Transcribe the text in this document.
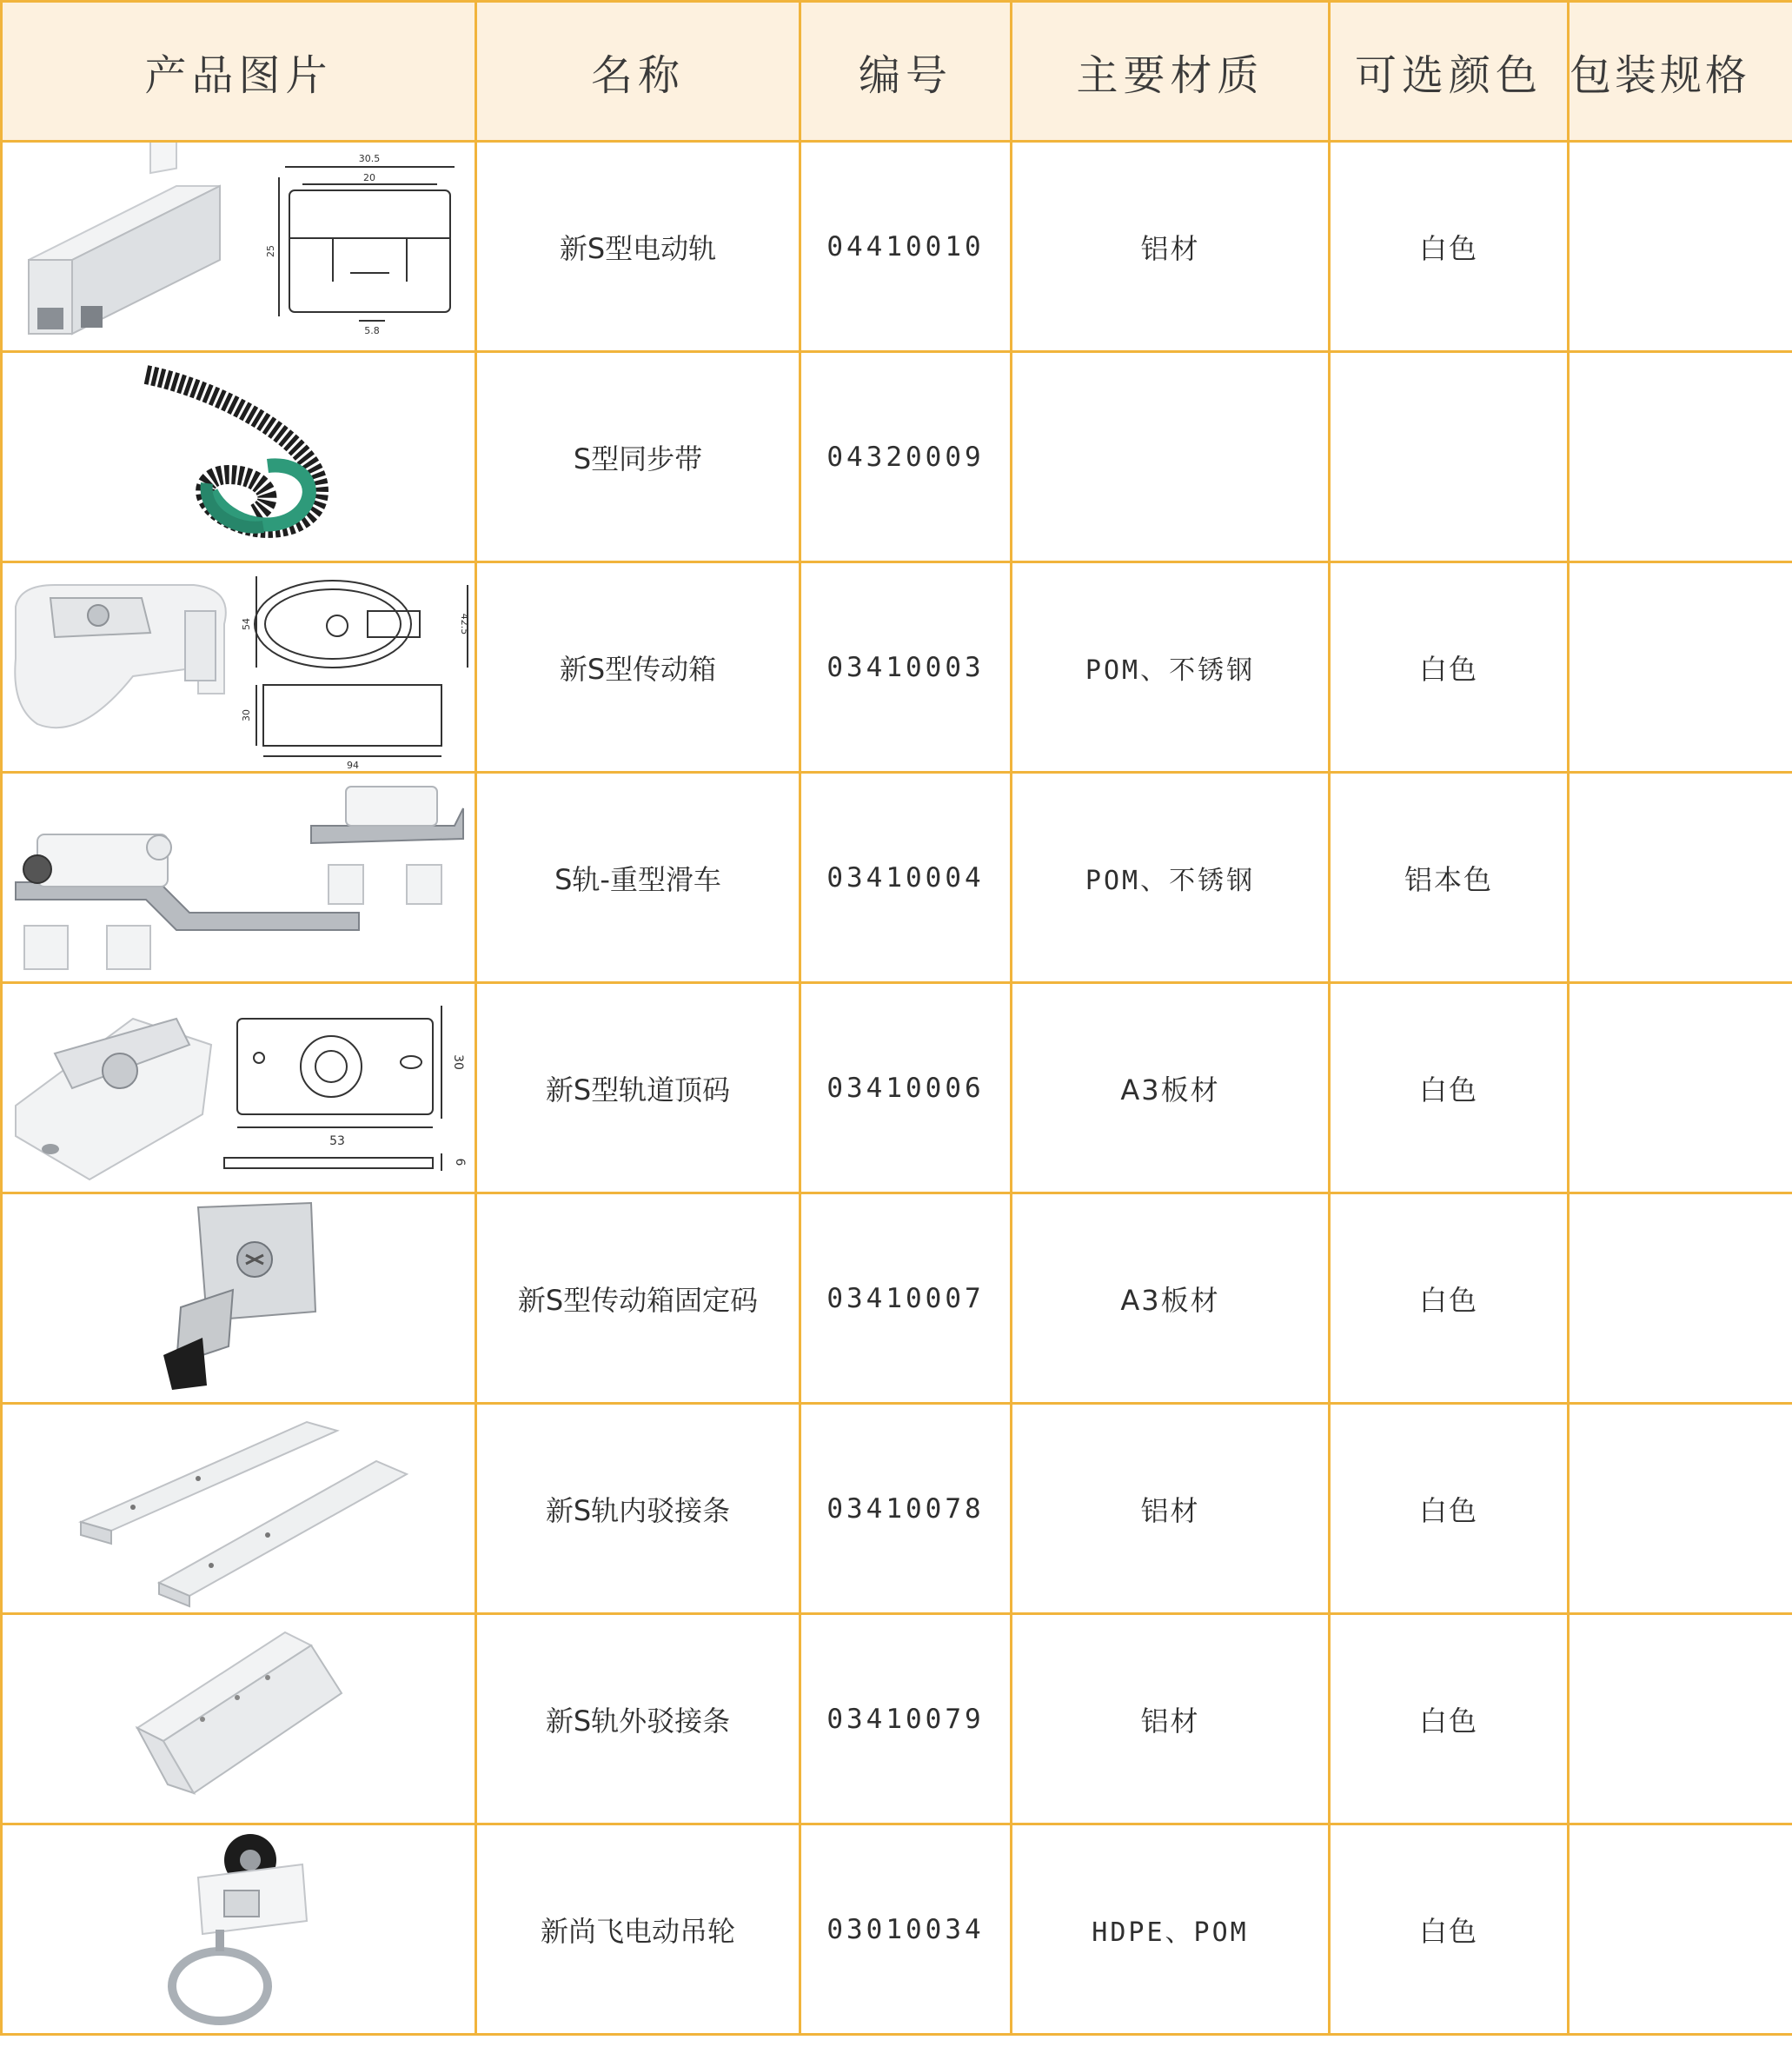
产品图片	名称	编号	主要材质	可选颜色	包装规格

30.5
20
25
5.8	新S型电动轨	04410010	铝材	白色	

	S型同步带	04320009			

54 42.5
30
94	新S型传动箱	03410003	POM、不锈钢	白色	

	S轨-重型滑车	03410004	POM、不锈钢	铝本色	

30
53
6	新S型轨道顶码	03410006	A3板材	白色	

	新S型传动箱固定码	03410007	A3板材	白色	

	新S轨内驳接条	03410078	铝材	白色	

	新S轨外驳接条	03410079	铝材	白色	

	新尚飞电动吊轮	03010034	HDPE、POM	白色	
